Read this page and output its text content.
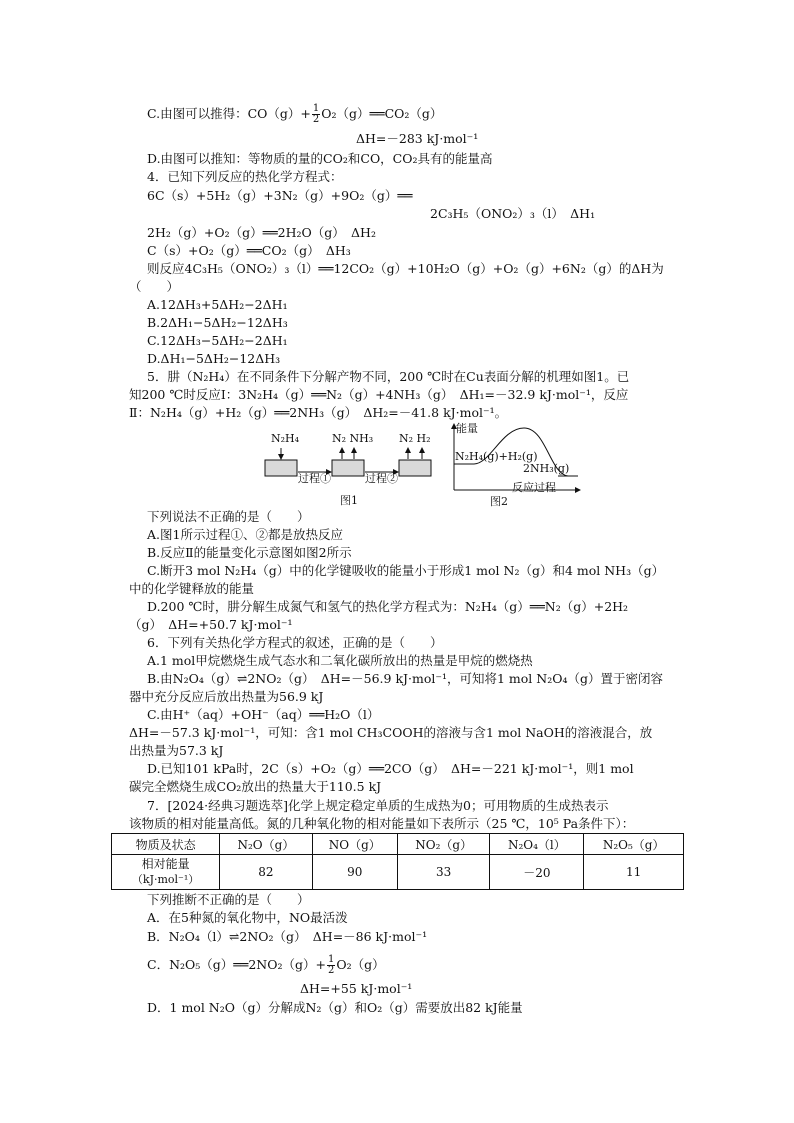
C.由图可以推得：$CO(g)+ \frac{1}{2}$ O₂（g）══CO₂（g）
ΔH=－283 kJ·mol⁻¹
D.由图可以推知：等物质的量的CO₂和CO，CO₂具有的能量高
4．已知下列反应的热化学方程式：
6C（s）+5H₂（g）+3N₂（g）+9O₂（g）══
2C₃H₅（ONO₂）₃（l）　ΔH₁
2H₂（g）+O₂（g）══2H₂O（g）　ΔH₂
C（s）+O₂（g）══CO₂（g）　ΔH₃
则反应4C₃H₅（ONO₂）₃（l）══12CO₂（g）+10H₂O（g）+O₂（g）+6N₂（g）的ΔH为
（　　）
A.12ΔH₃+5ΔH₂−2ΔH₁
B.2ΔH₁−5ΔH₂−12ΔH₃
C.12ΔH₃−5ΔH₂−2ΔH₁
D.ΔH₁−5ΔH₂−12ΔH₃
5．肼（N₂H₄）在不同条件下分解产物不同，200 ℃时在Cu表面分解的机理如图1。已
知200 ℃时反应Ⅰ：3N₂H₄（g）══N₂（g）+4NH₃（g）　ΔH₁=－32.9 kJ·mol⁻¹，反应
Ⅱ：N₂H₄（g）+H₂（g）══2NH₃（g）　ΔH₂=－41.8 kJ·mol⁻¹。
N₂H₄	N₂ NH₃ N₂ H₂
过程①	过程②
图1
能量
N₂H₄(g)+H₂(g)
2NH₃(g)
反应过程
图2
下列说法不正确的是（　　）
A.图1所示过程①、②都是放热反应
B.反应Ⅱ的能量变化示意图如图2所示
C.断开3 mol N₂H₄（g）中的化学键吸收的能量小于形成1 mol N₂（g）和4 mol NH₃（g）
中的化学键释放的能量
D.200 ℃时，肼分解生成氮气和氢气的热化学方程式为：N₂H₄（g）══N₂（g）+2H₂
（g）　ΔH=+50.7 kJ·mol⁻¹
6．下列有关热化学方程式的叙述，正确的是（　　）
A.1 mol甲烷燃烧生成气态水和二氧化碳所放出的热量是甲烷的燃烧热
B.由N₂O₄（g）⇌2NO₂（g）　ΔH=－56.9 kJ·mol⁻¹，可知将1 mol N₂O₄（g）置于密闭容
器中充分反应后放出热量为56.9 kJ
C.由H⁺（aq）+OH⁻（aq）══H₂O（l）
ΔH=－57.3 kJ·mol⁻¹，可知：含1 mol CH₃COOH的溶液与含1 mol NaOH的溶液混合，放
出热量为57.3 kJ
D.已知101 kPa时，2C（s）+O₂（g）══2CO（g）　ΔH=－221 kJ·mol⁻¹，则1 mol
碳完全燃烧生成CO₂放出的热量大于110.5 kJ
7．[2024·经典习题选萃]化学上规定稳定单质的生成热为0；可用物质的生成热表示
该物质的相对能量高低。氮的几种氧化物的相对能量如下表所示（25 ℃，10⁵ Pa条件下）：
物质及状态	N₂O（g）	NO（g）	NO₂（g）	N₂O₄（l）	N₂O₅（g）

相对能量
（kJ·mol⁻¹）	82	90	33	－20	11
下列推断不正确的是（　　）
A．在5种氮的氧化物中，NO最活泼
B．N₂O₄（l）⇌2NO₂（g）　ΔH=－86 kJ·mol⁻¹
C．N₂O₅（g）══2NO₂（g）+ $\frac{1}{2} O_2(g)$
ΔH=+55 kJ·mol⁻¹
D．1 mol N₂O（g）分解成N₂（g）和O₂（g）需要放出82 kJ能量
